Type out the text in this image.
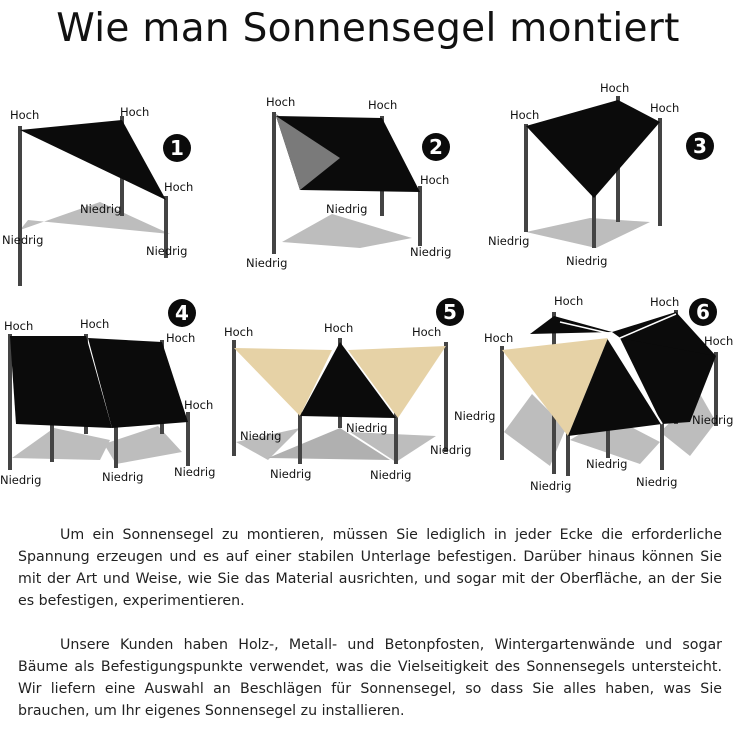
Wie man Sonnensegel montiert
Hoch	Hoch
Hoch
Niedrig
Niedrig
Niedrig
1
Hoch	Hoch
Hoch
Niedrig
Niedrig
Niedrig
2
Hoch
Hoch
Hoch
Niedrig
Niedrig
3
Hoch	Hoch
Hoch
Hoch
Niedrig	Niedrig	Niedrig
4
Hoch	Hoch	Hoch
Niedrig
Niedrig
Niedrig
Niedrig	Niedrig
5	Hoch	Hoch
Hoch	Hoch
Niedrig	Niedrig
Niedrig
Niedrig	Niedrig
6

Um ein Sonnensegel zu montieren, müssen Sie lediglich in jeder Ecke die erforderliche Spannung erzeugen und es auf einer stabilen Unterlage befestigen. Darüber hinaus können Sie mit der Art und Weise, wie Sie das Material ausrichten, und sogar mit der Oberfläche, an der Sie es befestigen, experimentieren.

Unsere Kunden haben Holz-, Metall- und Betonpfosten, Wintergartenwände und sogar Bäume als Befestigungspunkte verwendet, was die Vielseitigkeit des Sonnensegels untersteicht. Wir liefern eine Auswahl an Beschlägen für Sonnensegel, so dass Sie alles haben, was Sie brauchen, um Ihr eigenes Sonnensegel zu installieren.
